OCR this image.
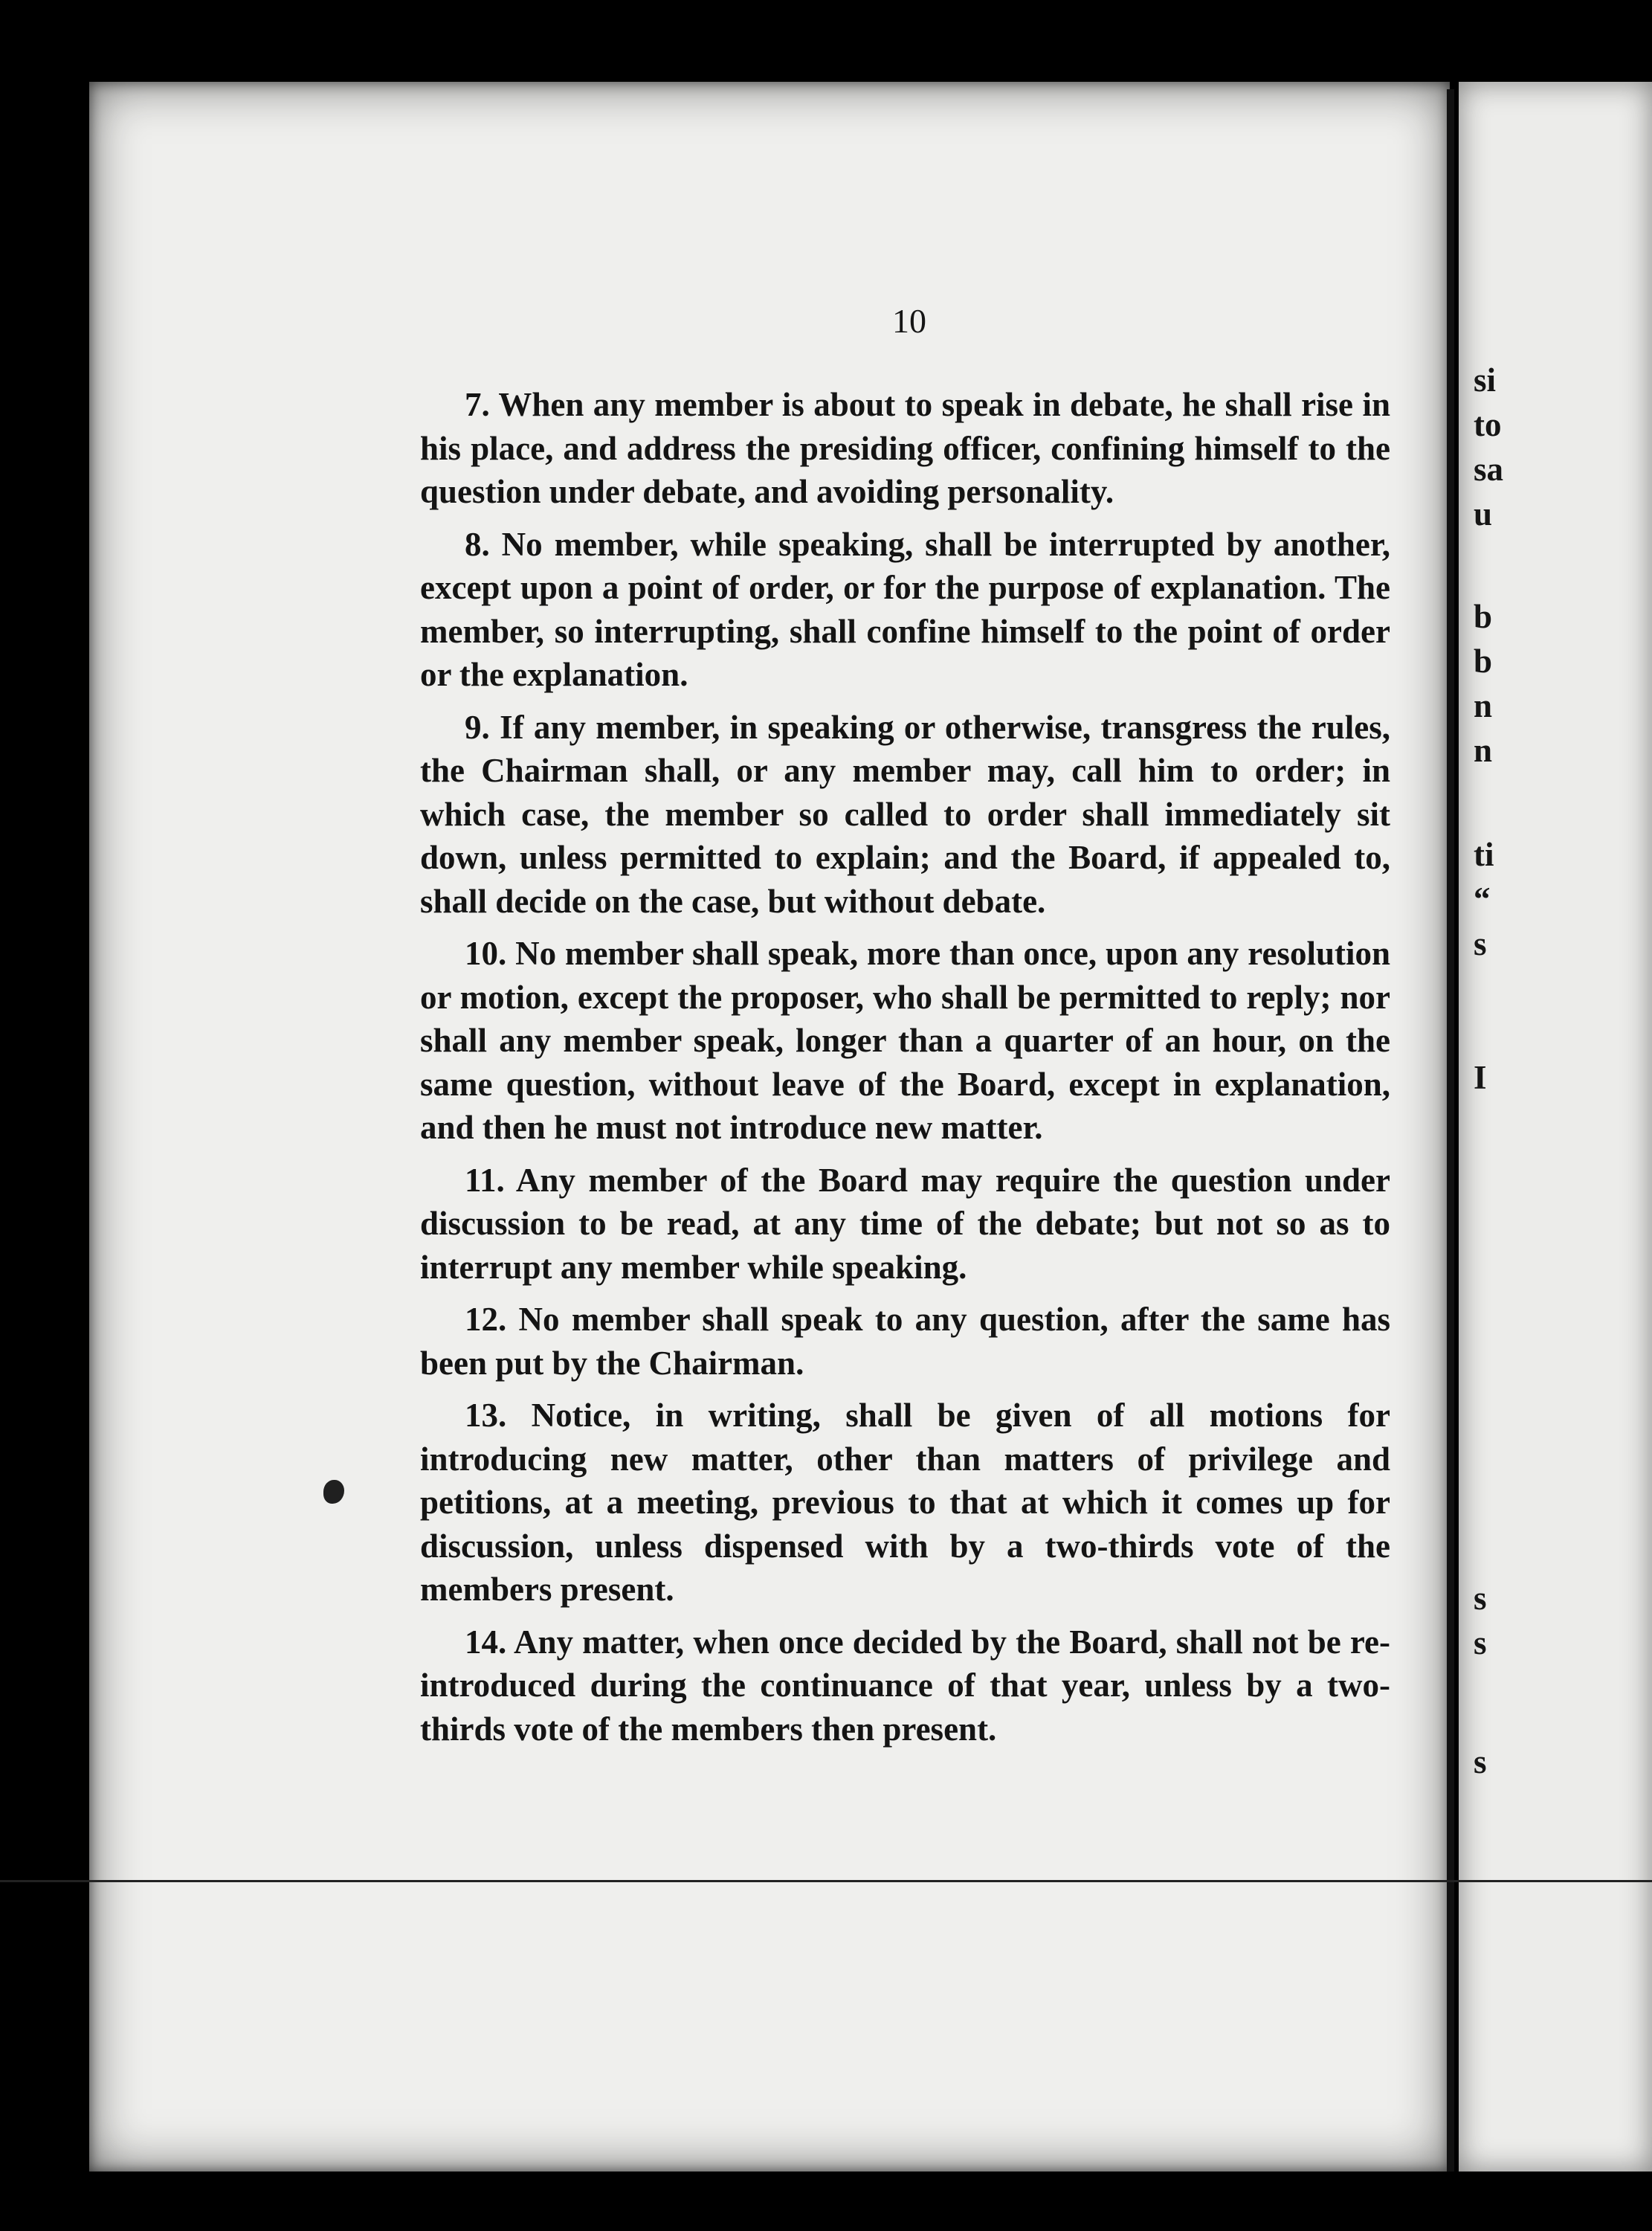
10

7. When any member is about to speak in debate, he shall rise in his place, and address the presiding officer, confining himself to the question under debate, and avoiding personality.

8. No member, while speaking, shall be interrupted by another, except upon a point of order, or for the purpose of explanation. The member, so interrupting, shall confine himself to the point of order or the explanation.

9. If any member, in speaking or otherwise, transgress the rules, the Chairman shall, or any member may, call him to order; in which case, the member so called to order shall immediately sit down, unless permitted to explain; and the Board, if appealed to, shall decide on the case, but without debate.

10. No member shall speak, more than once, upon any resolution or motion, except the proposer, who shall be permitted to reply; nor shall any member speak, longer than a quarter of an hour, on the same question, without leave of the Board, except in explanation, and then he must not introduce new matter.

11. Any member of the Board may require the question under discussion to be read, at any time of the debate; but not so as to interrupt any member while speaking.

12. No member shall speak to any question, after the same has been put by the Chairman.

13. Notice, in writing, shall be given of all motions for introducing new matter, other than matters of privilege and petitions, at a meeting, previous to that at which it comes up for discussion, unless dispensed with by a two-thirds vote of the members present.

14. Any matter, when once decided by the Board, shall not be re-introduced during the continuance of that year, unless by a two-thirds vote of the members then present.

si
to
sa
u
b
b
n
n
ti
“
s
I
s
s
s
